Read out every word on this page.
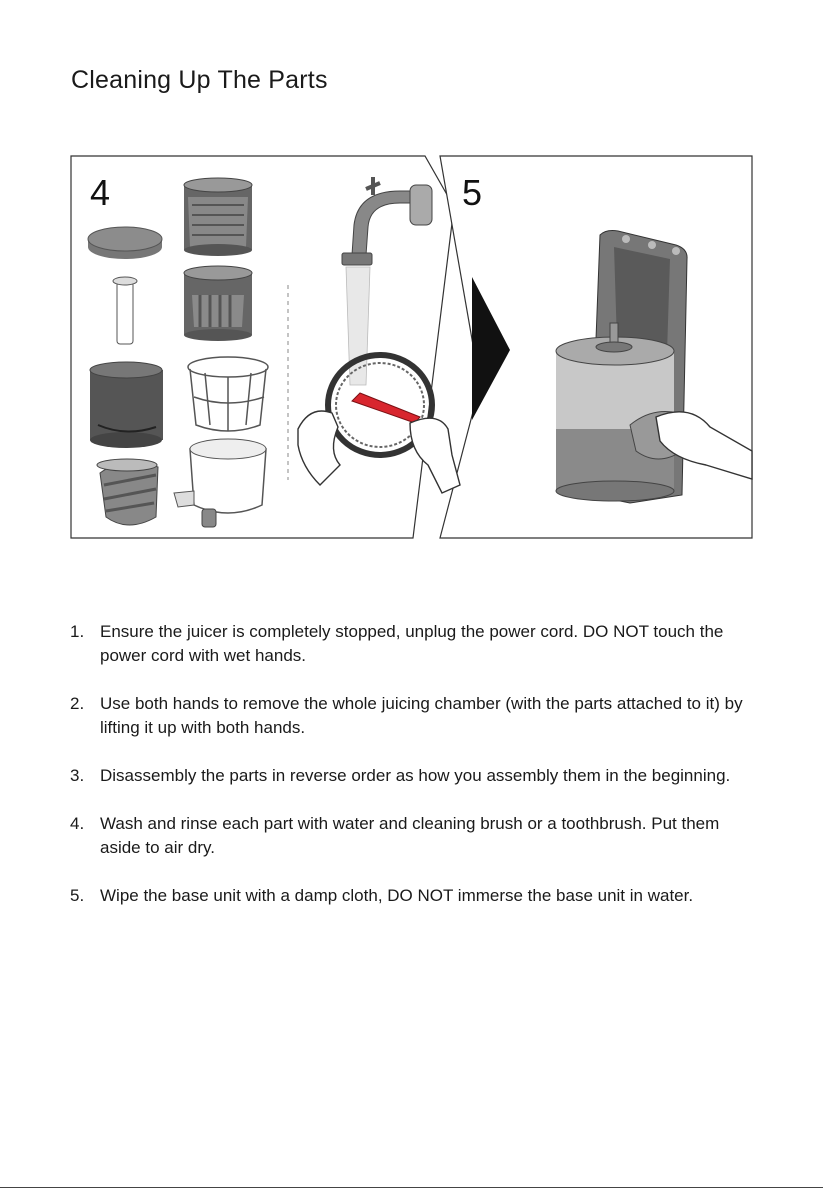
Cleaning Up The Parts
4	5
1. Ensure the juicer is completely stopped, unplug the power cord. DO NOT touch the power cord with wet hands.
2. Use both hands to remove the whole juicing chamber (with the parts attached to it) by lifting it up with both hands.
3. Disassembly the parts in reverse order as how you assembly them in the beginning.
4. Wash and rinse each part with water and cleaning brush or a toothbrush. Put them aside to air dry.
5. Wipe the base unit with a damp cloth, DO NOT immerse the base unit in water.
